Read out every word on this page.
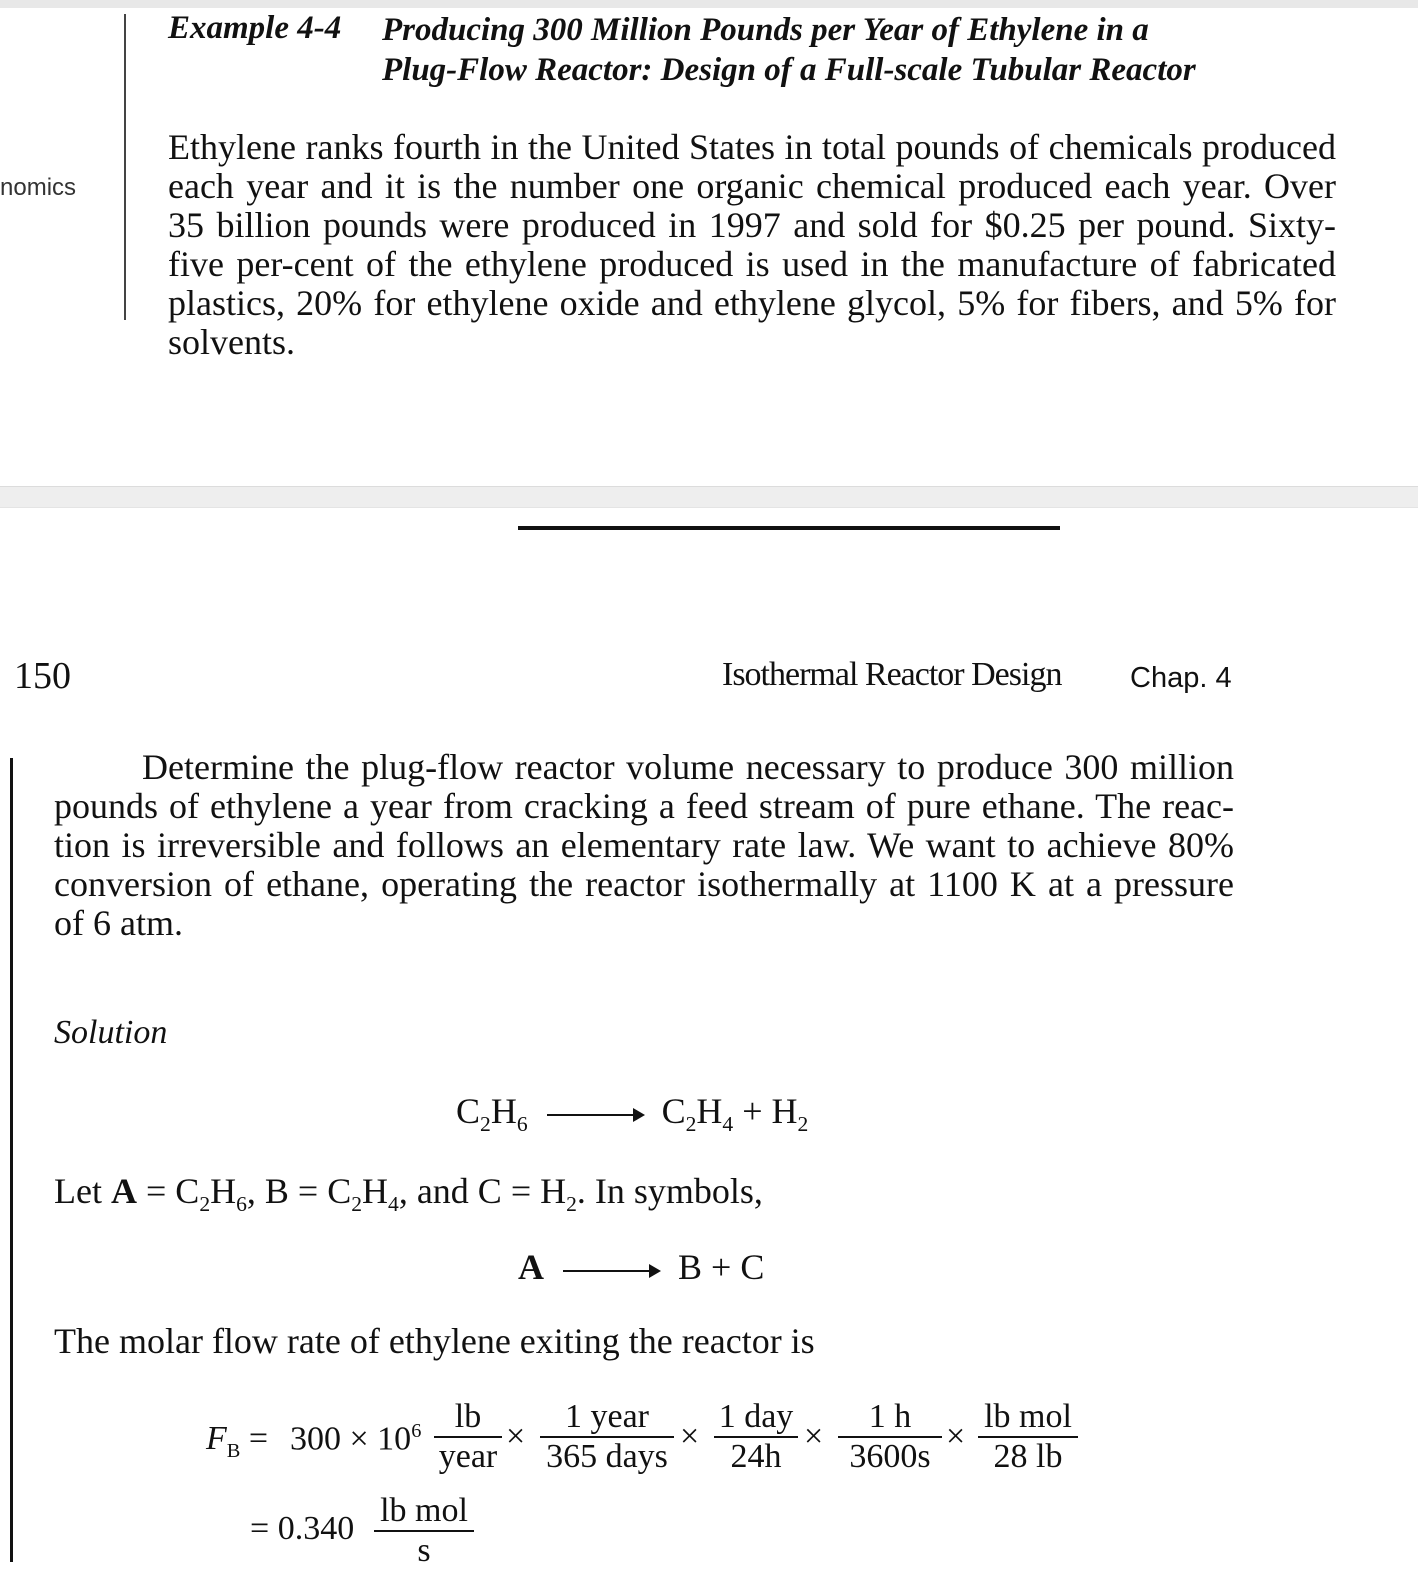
nomics
Example 4-4 Producing 300 Million Pounds per Year of Ethylene in a
Plug-Flow Reactor: Design of a Full-scale Tubular Reactor
Ethylene ranks fourth in the United States in total pounds of chemicals produced each year and it is the number one organic chemical produced each year. Over 35 billion pounds were produced in 1997 and sold for $0.25 per pound. Sixty-five per-cent of the ethylene produced is used in the manufacture of fabricated plastics, 20% for ethylene oxide and ethylene glycol, 5% for fibers, and 5% for solvents.
150	Isothermal Reactor Design Chap. 4
Determine the plug-flow reactor volume necessary to produce 300 million pounds of ethylene a year from cracking a feed stream of pure ethane. The reac-tion is irreversible and follows an elementary rate law. We want to achieve 80% conversion of ethane, operating the reactor isothermally at 1100 K at a pressure of 6 atm.
Solution
$C_2H_6 \to C_2H_4 + H_2$
Let $A = C_2H_6$, $B = C_2H_4$, and $C = H_2$. In symbols,
A	B + C
The molar flow rate of ethylene exiting the reactor is
$F_B = 300 \times 10^6$ lb
year
×
1 year
365 days
×
1 day
24h
× $\frac{1 h}{3600s}$ ×
lb mol
28 lb
= 0.340 lb mol
s
